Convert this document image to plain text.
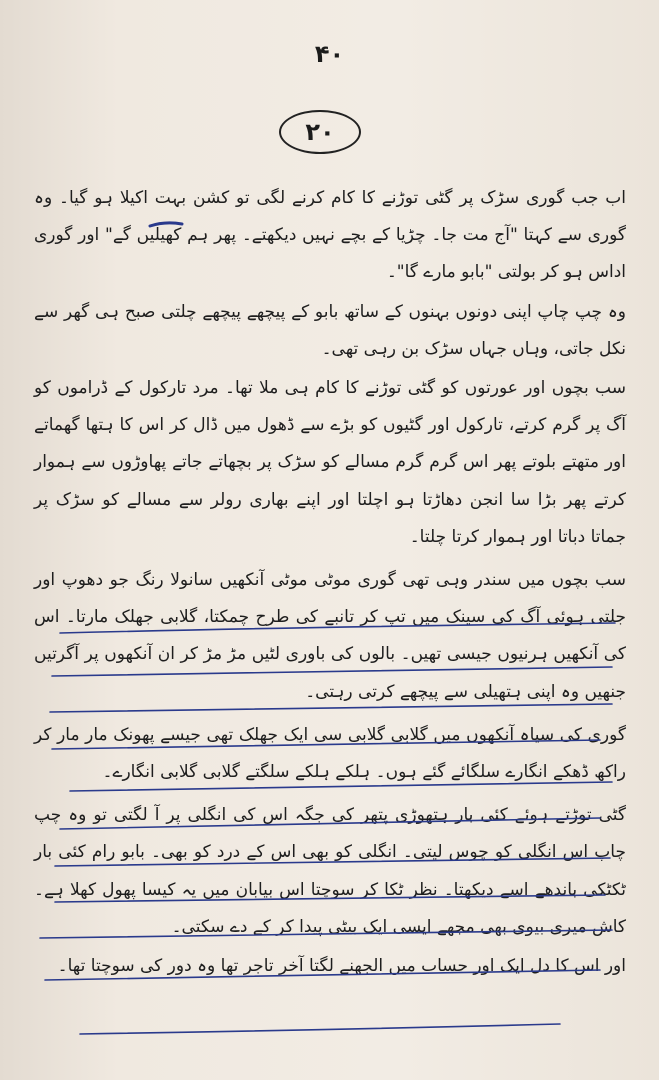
۴۰
۲۰

اب جب گوری سڑک پر گٹی توڑنے کا کام کرنے لگی تو کشن بہت اکیلا ہو گیا۔ وہ گوری سے کہتا "آج مت جا۔ چڑیا کے بچے نہیں دیکھتے۔ پھر ہم کھیلیں گے" اور گوری اداس ہو کر بولتی "بابو مارے گا"۔

وہ چپ چاپ اپنی دونوں بہنوں کے ساتھ بابو کے پیچھے پیچھے چلتی صبح ہی گھر سے نکل جاتی، وہاں جہاں سڑک بن رہی تھی۔

سب بچوں اور عورتوں کو گٹی توڑنے کا کام ہی ملا تھا۔ مرد تارکول کے ڈراموں کو آگ پر گرم کرتے، تارکول اور گٹیوں کو بڑے سے ڈھول میں ڈال کر اس کا ہتھا گھماتے اور متھتے بلوتے پھر اس گرم گرم مسالے کو سڑک پر بچھاتے جاتے پھاوڑوں سے ہموار کرتے پھر بڑا سا انجن دھاڑتا ہو اچلتا اور اپنے بھاری رولر سے مسالے کو سڑک پر جماتا دباتا اور ہموار کرتا چلتا۔

سب بچوں میں سندر وہی تھی گوری موٹی موٹی آنکھیں سانولا رنگ جو دھوپ اور جلتی ہوئی آگ کی سینک میں تپ کر تانبے کی طرح چمکتا، گلابی جھلک مارتا۔ اس کی آنکھیں ہرنیوں جیسی تھیں۔ بالوں کی باوری لٹیں مڑ مڑ کر ان آنکھوں پر آگرتیں جنھیں وہ اپنی ہتھیلی سے پیچھے کرتی رہتی۔

گوری کی سیاہ آنکھوں میں گلابی گلابی سی ایک جھلک تھی جیسے پھونک مار مار کر راکھ ڈھکے انگارے سلگائے گئے ہوں۔ ہلکے ہلکے سلگتے گلابی گلابی انگارے۔

گٹی توڑتے ہوئے کئی بار ہتھوڑی پتھر کی جگہ اس کی انگلی پر آ لگتی تو وہ چپ چاپ اس انگلی کو چوس لیتی۔ انگلی کو بھی اس کے درد کو بھی۔ بابو رام کئی بار ٹکٹکی باندھے اسے دیکھتا۔ نظر ٹکا کر سوچتا اس بیابان میں یہ کیسا پھول کھلا ہے۔ کاش میری بیوی بھی مجھے ایسی ایک بیٹی پیدا کر کے دے سکتی۔

اور اس کا دل ایک اور حساب میں الجھنے لگتا آخر تاجر تھا وہ دور کی سوچتا تھا۔
